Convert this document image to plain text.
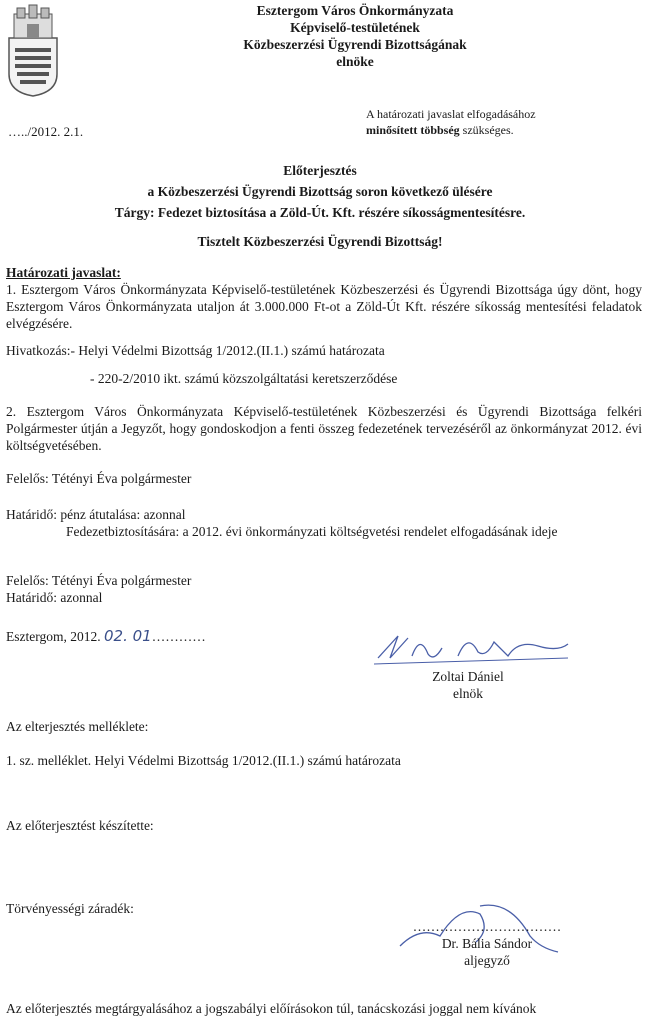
Esztergom Város Önkormányzata
Képviselő-testületének
Közbeszerzési Ügyrendi Bizottságának
elnöke
A határozati javaslat elfogadásához
minősített többség szükséges.
…../2012. 2.1.
Előterjesztés
a Közbeszerzési Ügyrendi Bizottság soron következő ülésére
Tárgy: Fedezet biztosítása a Zöld-Út. Kft. részére síkosságmentesítésre.
Tisztelt Közbeszerzési Ügyrendi Bizottság!
Határozati javaslat:
1. Esztergom Város Önkormányzata Képviselő-testületének Közbeszerzési és Ügyrendi Bizottsága úgy dönt, hogy Esztergom Város Önkormányzata utaljon át 3.000.000 Ft-ot a Zöld-Út Kft. részére síkosság mentesítési feladatok elvégzésére.
Hivatkozás:- Helyi Védelmi Bizottság 1/2012.(II.1.) számú határozata
- 220-2/2010 ikt. számú közszolgáltatási keretszerződése
2. Esztergom Város Önkormányzata Képviselő-testületének Közbeszerzési és Ügyrendi Bizottsága felkéri Polgármester útján a Jegyzőt, hogy gondoskodjon a fenti összeg fedezetének tervezéséről az önkormányzat 2012. évi költségvetésében.
Felelős: Tétényi Éva polgármester
Határidő: pénz átutalása: azonnal
Fedezetbiztosítására: a 2012. évi önkormányzati költségvetési rendelet elfogadásának ideje
Felelős: Tétényi Éva polgármester
Határidő: azonnal
Esztergom, 2012. 02. 01…………
Zoltai Dániel
elnök
Az elterjesztés melléklete:
1. sz. melléklet. Helyi Védelmi Bizottság 1/2012.(II.1.) számú határozata
Az előterjesztést készítette:
Törvényességi záradék:
……………………………
Dr. Bália Sándor
aljegyző
Az előterjesztés megtárgyalásához a jogszabályi előírásokon túl, tanácskozási joggal nem kívánok
